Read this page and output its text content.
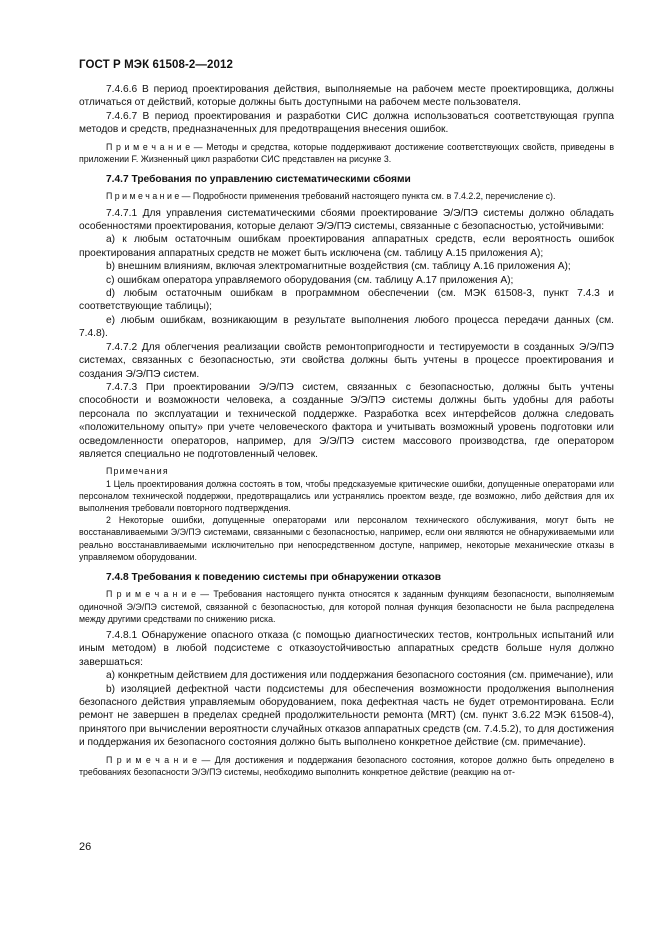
ГОСТ Р МЭК 61508-2—2012

7.4.6.6 В период проектирования действия, выполняемые на рабочем месте проектировщика, должны отличаться от действий, которые должны быть доступными на рабочем месте пользователя.

7.4.6.7 В период проектирования и разработки СИС должна использоваться соответствующая группа методов и средств, предназначенных для предотвращения внесения ошибок.

П р и м е ч а н и е — Методы и средства, которые поддерживают достижение соответствующих свойств, приведены в приложении F. Жизненный цикл разработки СИС представлен на рисунке 3.

7.4.7 Требования по управлению систематическими сбоями

П р и м е ч а н и е — Подробности применения требований настоящего пункта см. в 7.4.2.2, перечисление с).

7.4.7.1 Для управления систематическими сбоями проектирование Э/Э/ПЭ системы должно обладать особенностями проектирования, которые делают Э/Э/ПЭ системы, связанные с безопасностью, устойчивыми:

a) к любым остаточным ошибкам проектирования аппаратных средств, если вероятность ошибок проектирования аппаратных средств не может быть исключена (см. таблицу А.15 приложения А);

b) внешним влияниям, включая электромагнитные воздействия (см. таблицу А.16 приложения А);

c) ошибкам оператора управляемого оборудования (см. таблицу А.17 приложения А);

d) любым остаточным ошибкам в программном обеспечении (см. МЭК 61508-3, пункт 7.4.3 и соответствующие таблицы);

e) любым ошибкам, возникающим в результате выполнения любого процесса передачи данных (см. 7.4.8).

7.4.7.2 Для облегчения реализации свойств ремонтопригодности и тестируемости в созданных Э/Э/ПЭ системах, связанных с безопасностью, эти свойства должны быть учтены в процессе проектирования и создания Э/Э/ПЭ систем.

7.4.7.3 При проектировании Э/Э/ПЭ систем, связанных с безопасностью, должны быть учтены способности и возможности человека, а созданные Э/Э/ПЭ системы должны быть удобны для работы персонала по эксплуатации и технической поддержке. Разработка всех интерфейсов должна следовать «положительному опыту» при учете человеческого фактора и учитывать возможный уровень подготовки или осведомленности операторов, например, для Э/Э/ПЭ систем массового производства, где оператором является специально не подготовленный человек.

Примечания

1 Цель проектирования должна состоять в том, чтобы предсказуемые критические ошибки, допущенные операторами или персоналом технической поддержки, предотвращались или устранялись проектом везде, где возможно, либо действия для их выполнения требовали повторного подтверждения.

2 Некоторые ошибки, допущенные операторами или персоналом технического обслуживания, могут быть не восстанавливаемыми Э/Э/ПЭ системами, связанными с безопасностью, например, если они являются не обнаруживаемыми или реально восстанавливаемыми исключительно при непосредственном доступе, например, некоторые механические отказы в управляемом оборудовании.

7.4.8 Требования к поведению системы при обнаружении отказов

П р и м е ч а н и е — Требования настоящего пункта относятся к заданным функциям безопасности, выполняемым одиночной Э/Э/ПЭ системой, связанной с безопасностью, для которой полная функция безопасности не была распределена между другими средствами по снижению риска.

7.4.8.1 Обнаружение опасного отказа (с помощью диагностических тестов, контрольных испытаний или иным методом) в любой подсистеме с отказоустойчивостью аппаратных средств больше нуля должно завершаться:

a) конкретным действием для достижения или поддержания безопасного состояния (см. примечание), или

b) изоляцией дефектной части подсистемы для обеспечения возможности продолжения выполнения безопасного действия управляемым оборудованием, пока дефектная часть не будет отремонтирована. Если ремонт не завершен в пределах средней продолжительности ремонта (MRT) (см. пункт 3.6.22 МЭК 61508-4), принятого при вычислении вероятности случайных отказов аппаратных средств (см. 7.4.5.2), то для достижения и поддержания их безопасного состояния должно быть выполнено конкретное действие (см. примечание).

П р и м е ч а н и е — Для достижения и поддержания безопасного состояния, которое должно быть определено в требованиях безопасности Э/Э/ПЭ системы, необходимо выполнить конкретное действие (реакцию на от-

26
